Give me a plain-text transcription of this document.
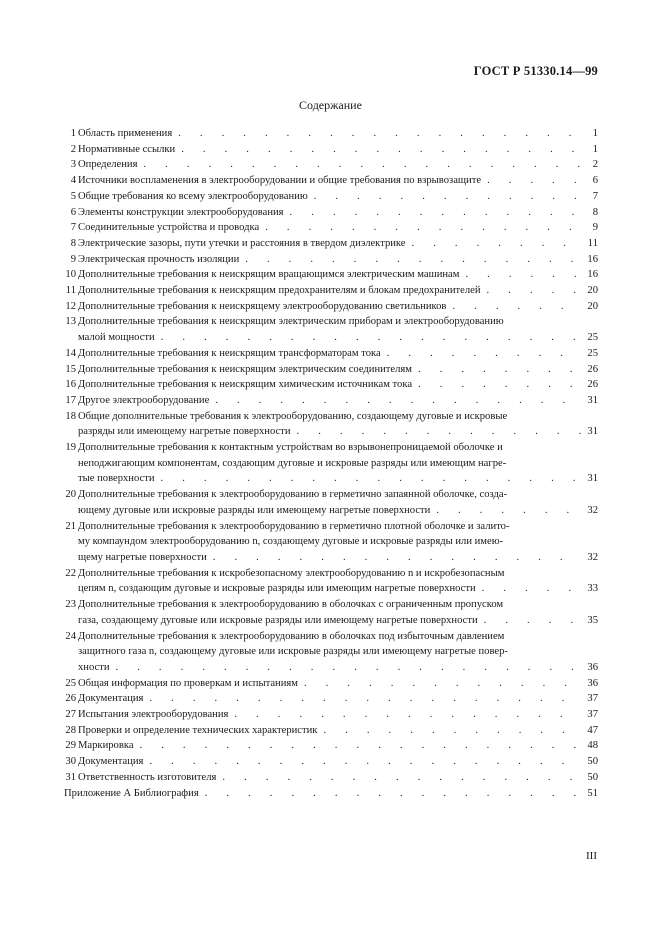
ГОСТ Р 51330.14—99
Содержание
1 Область применения . . .	1
2 Нормативные ссылки . . .	1
3 Определения . . .	2
4 Источники воспламенения в электрооборудовании и общие требования по взрывозащите . . .	6
5 Общие требования ко всему электрооборудованию . . .	7
6 Элементы конструкции электрооборудования . . .	8
7 Соединительные устройства и проводка . . .	9
8 Электрические зазоры, пути утечки и расстояния в твердом диэлектрике . . .	11
9 Электрическая прочность изоляции . . .	16
10 Дополнительные требования к неискрящим вращающимся электрическим машинам . . .	16
11 Дополнительные требования к неискрящим предохранителям и блокам предохранителей . . .	20
12 Дополнительные требования к неискрящему электрооборудованию светильников . . .	20
13 Дополнительные требования к неискрящим электрическим приборам и электрооборудованию
малой мощности . . .	25
14 Дополнительные требования к неискрящим трансформаторам тока . . .	25
15 Дополнительные требования к неискрящим электрическим соединителям . . .	26
16 Дополнительные требования к неискрящим химическим источникам тока . . .	26
17 Другое электрооборудование . . .	31
18 Общие дополнительные требования к электрооборудованию, создающему дуговые и искровые
разряды или имеющему нагретые поверхности . . .	31
19 Дополнительные требования к контактным устройствам во взрывонепроницаемой оболочке и
неподжигающим компонентам, создающим дуговые и искровые разряды или имеющим нагре-
тые поверхности . . .	31
20 Дополнительные требования к электрооборудованию в герметично запаянной оболочке, созда-
ющему дуговые или искровые разряды или имеющему нагретые поверхности . . .	32
21 Дополнительные требования к электрооборудованию в герметично плотной оболочке и залито-
му компаундом электрооборудованию n, создающему дуговые и искровые разряды или имею-
щему нагретые поверхности . . .	32
22 Дополнительные требования к искробезопасному электрооборудованию n и искробезопасным
цепям n, создающим дуговые и искровые разряды или имеющим нагретые поверхности . . .	33
23 Дополнительные требования к электрооборудованию в оболочках с ограниченным пропуском
газа, создающему дуговые или искровые разряды или имеющему нагретые поверхности . . .	35
24 Дополнительные требования к электрооборудованию в оболочках под избыточным давлением
защитного газа n, создающему дуговые или искровые разряды или имеющему нагретые повер-
хности . . .	36
25 Общая информация по проверкам и испытаниям . . .	36
26 Документация . . .	37
27 Испытания электрооборудования . . .	37
28 Проверки и определение технических характеристик . . .	47
29 Маркировка . . .	48
30 Документация . . .	50
31 Ответственность изготовителя . . .	50
Приложение А Библиография . . .	51
III
